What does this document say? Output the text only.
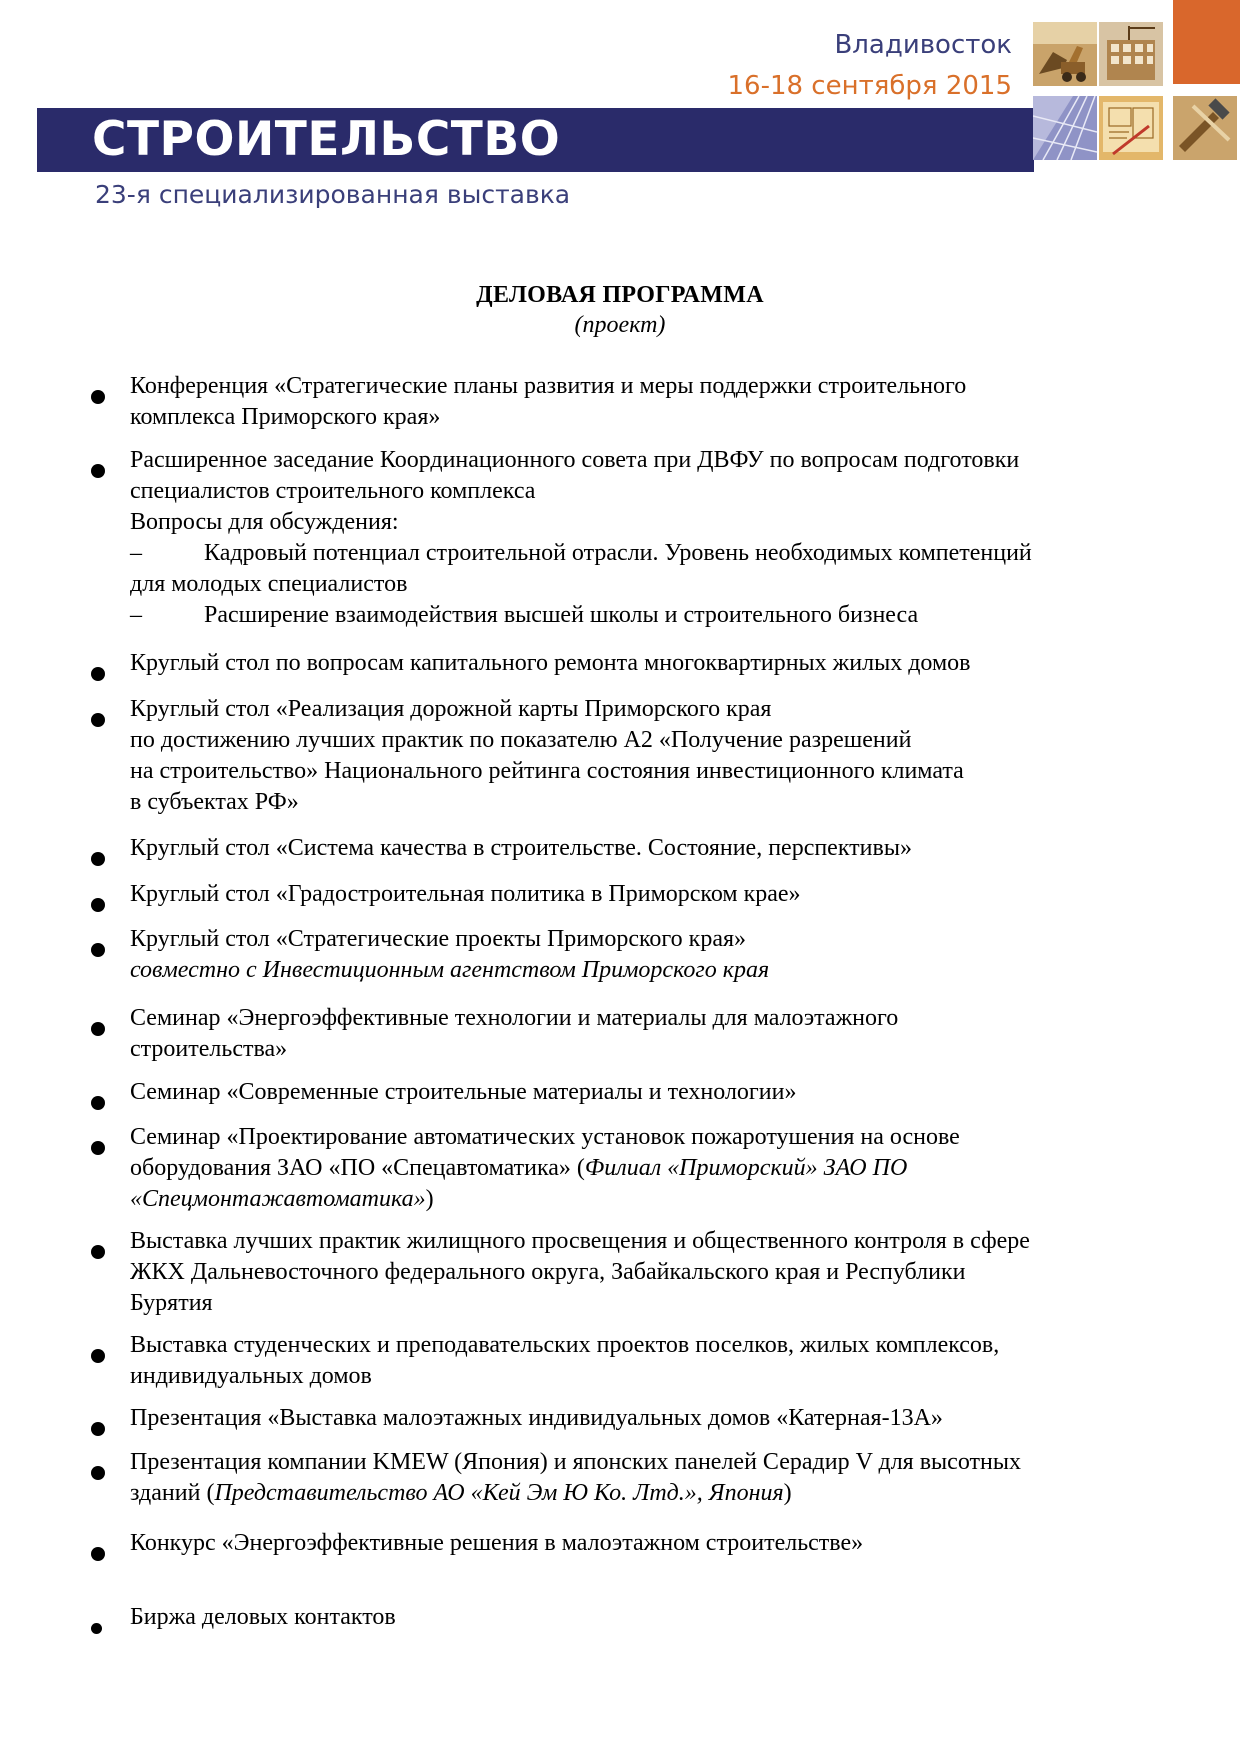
Владивосток
16-18 сентября 2015
СТРОИТЕЛЬСТВО
23-я специализированная выставка
ДЕЛОВАЯ ПРОГРАММА
(проект)
Конференция «Стратегические планы развития и меры поддержки строительного
комплекса Приморского края»
Расширенное заседание Координационного совета при ДВФУ по вопросам подготовки
специалистов строительного комплекса
Вопросы для обсуждения:
–	Кадровый потенциал строительной отрасли. Уровень необходимых компетенций
для молодых специалистов
–	Расширение взаимодействия высшей школы и строительного бизнеса
Круглый стол по вопросам капитального ремонта многоквартирных жилых домов
Круглый стол «Реализация дорожной карты Приморского края
по достижению лучших практик по показателю А2 «Получение разрешений
на строительство» Национального рейтинга состояния инвестиционного климата
в субъектах РФ»
Круглый стол «Система качества в строительстве. Состояние, перспективы»
Круглый стол «Градостроительная политика в Приморском крае»
Круглый стол «Стратегические проекты Приморского края»
совместно с Инвестиционным агентством Приморского края
Семинар «Энергоэффективные технологии и материалы для малоэтажного
строительства»
Семинар «Современные строительные материалы и технологии»
Семинар «Проектирование автоматических установок пожаротушения на основе
оборудования ЗАО «ПО «Спецавтоматика» (Филиал «Приморский» ЗАО ПО
«Спецмонтажавтоматика»)
Выставка лучших практик жилищного просвещения и общественного контроля в сфере
ЖКХ Дальневосточного федерального округа, Забайкальского края и Республики
Бурятия
Выставка студенческих и преподавательских проектов поселков, жилых комплексов,
индивидуальных домов
Презентация «Выставка малоэтажных индивидуальных домов «Катерная-13А»
Презентация компании KMEW (Япония) и японских панелей Серадир V для высотных
зданий (Представительство АО «Кей Эм Ю Ко. Лтд.», Япония)
Конкурс «Энергоэффективные решения в малоэтажном строительстве»
Биржа деловых контактов
